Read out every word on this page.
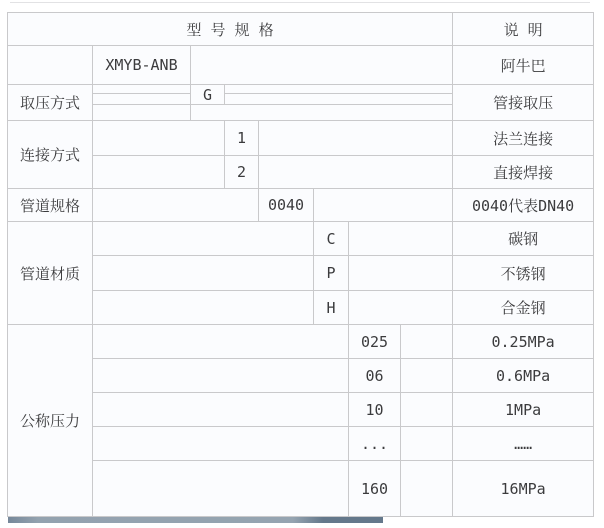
型 号 规 格								说 明
	XMYB-ANB							阿牛巴
取压方式		G						管接取压

连接方式			1					法兰连接
			2					直接焊接
管道规格				0040				0040代表DN40
管道材质					C			碳钢
					P			不锈钢
					H			合金钢
公称压力						025		0.25MPa
						06		0.6MPa
						10		1MPa
						...		……
						160		16MPa
